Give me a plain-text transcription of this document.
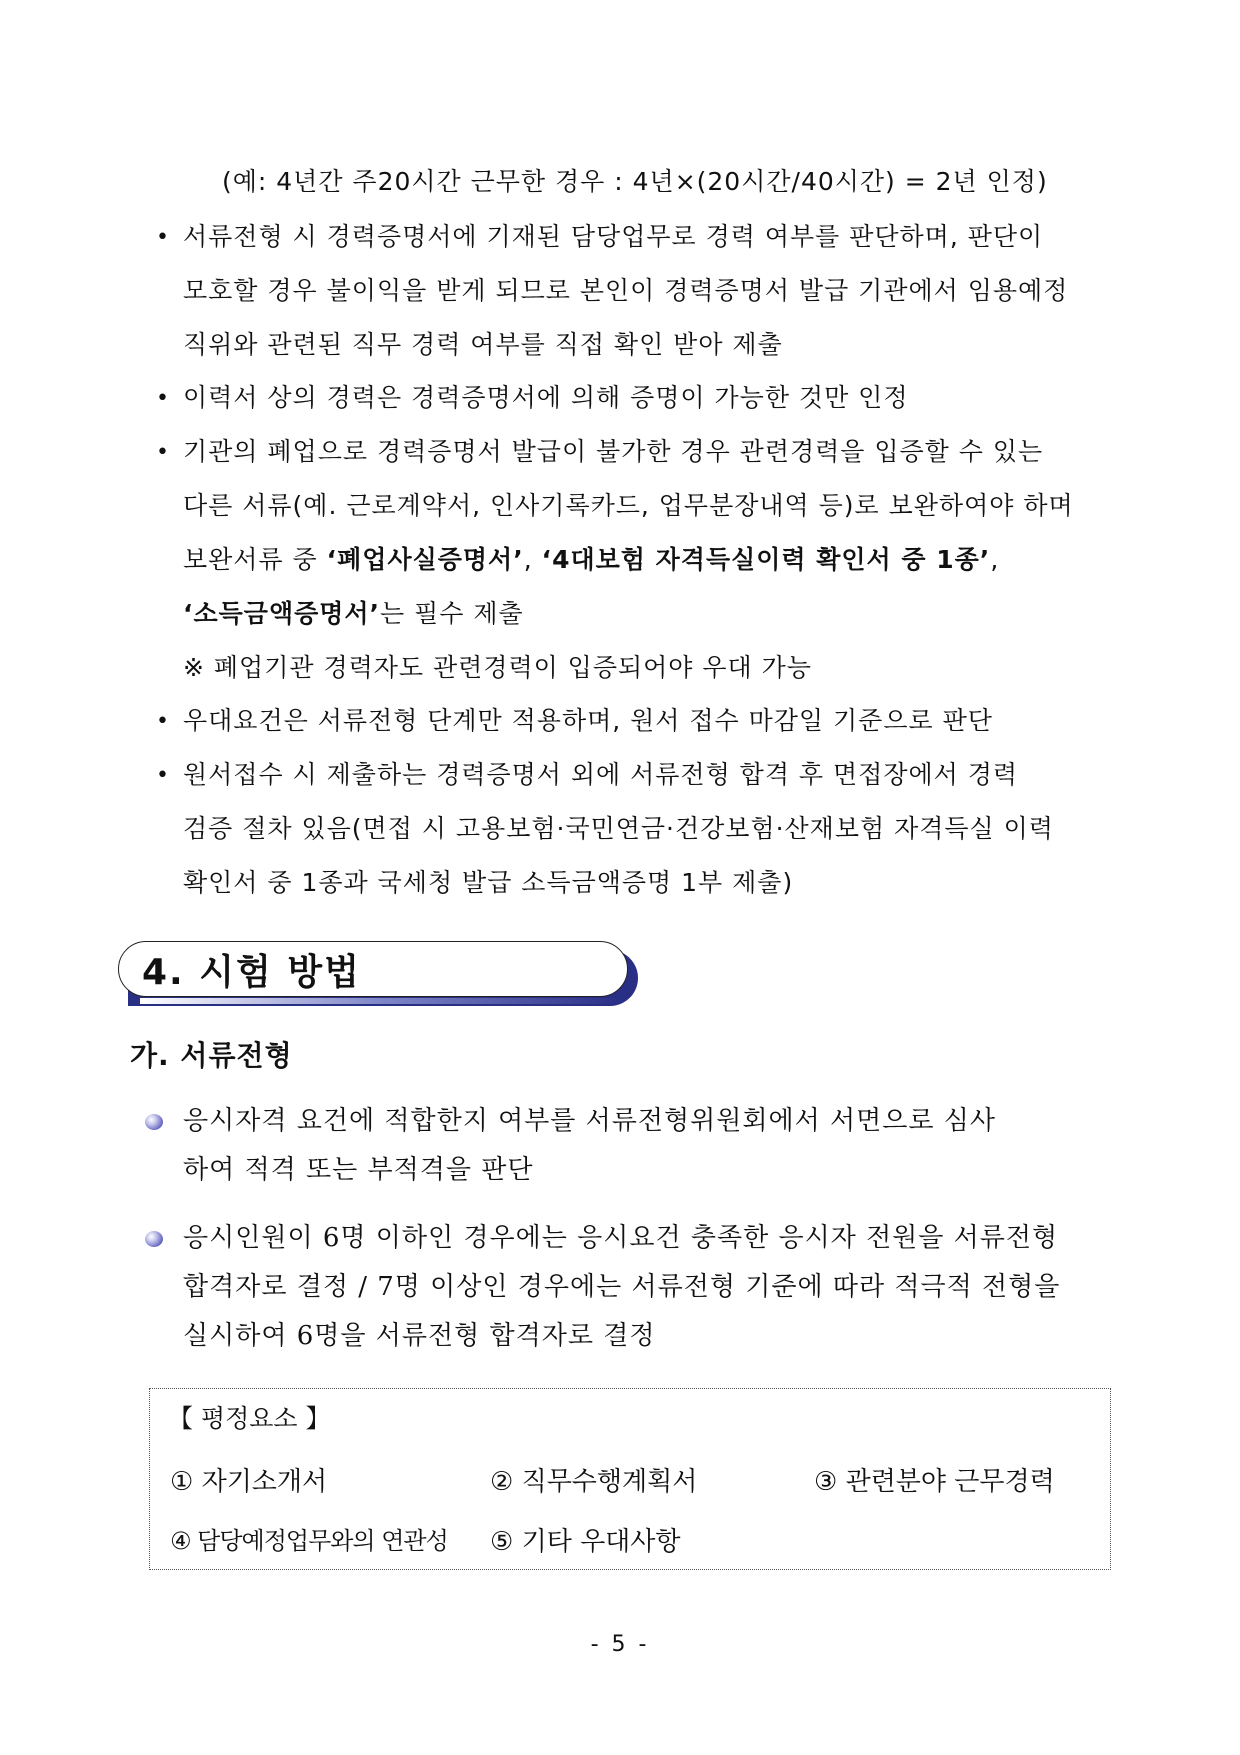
(예: 4년간 주20시간 근무한 경우 : 4년×(20시간/40시간) = 2년 인정)
• 서류전형 시 경력증명서에 기재된 담당업무로 경력 여부를 판단하며, 판단이
모호할 경우 불이익을 받게 되므로 본인이 경력증명서 발급 기관에서 임용예정
직위와 관련된 직무 경력 여부를 직접 확인 받아 제출
• 이력서 상의 경력은 경력증명서에 의해 증명이 가능한 것만 인정
• 기관의 폐업으로 경력증명서 발급이 불가한 경우 관련경력을 입증할 수 있는
다른 서류(예. 근로계약서, 인사기록카드, 업무분장내역 등)로 보완하여야 하며
보완서류 중 ‘폐업사실증명서’, ‘4대보험 자격득실이력 확인서 중 1종’,
‘소득금액증명서’는 필수 제출
※ 폐업기관 경력자도 관련경력이 입증되어야 우대 가능
• 우대요건은 서류전형 단계만 적용하며, 원서 접수 마감일 기준으로 판단
• 원서접수 시 제출하는 경력증명서 외에 서류전형 합격 후 면접장에서 경력
검증 절차 있음(면접 시 고용보험·국민연금·건강보험·산재보험 자격득실 이력
확인서 중 1종과 국세청 발급 소득금액증명 1부 제출)
4. 시험 방법
가. 서류전형
응시자격 요건에 적합한지 여부를 서류전형위원회에서 서면으로 심사
하여 적격 또는 부적격을 판단
응시인원이 6명 이하인 경우에는 응시요건 충족한 응시자 전원을 서류전형
합격자로 결정 / 7명 이상인 경우에는 서류전형 기준에 따라 적극적 전형을
실시하여 6명을 서류전형 합격자로 결정
【 평정요소 】
① 자기소개서	② 직무수행계획서	③ 관련분야 근무경력
④ 담당예정업무와의 연관성 ⑤ 기타 우대사항
- 5 -
